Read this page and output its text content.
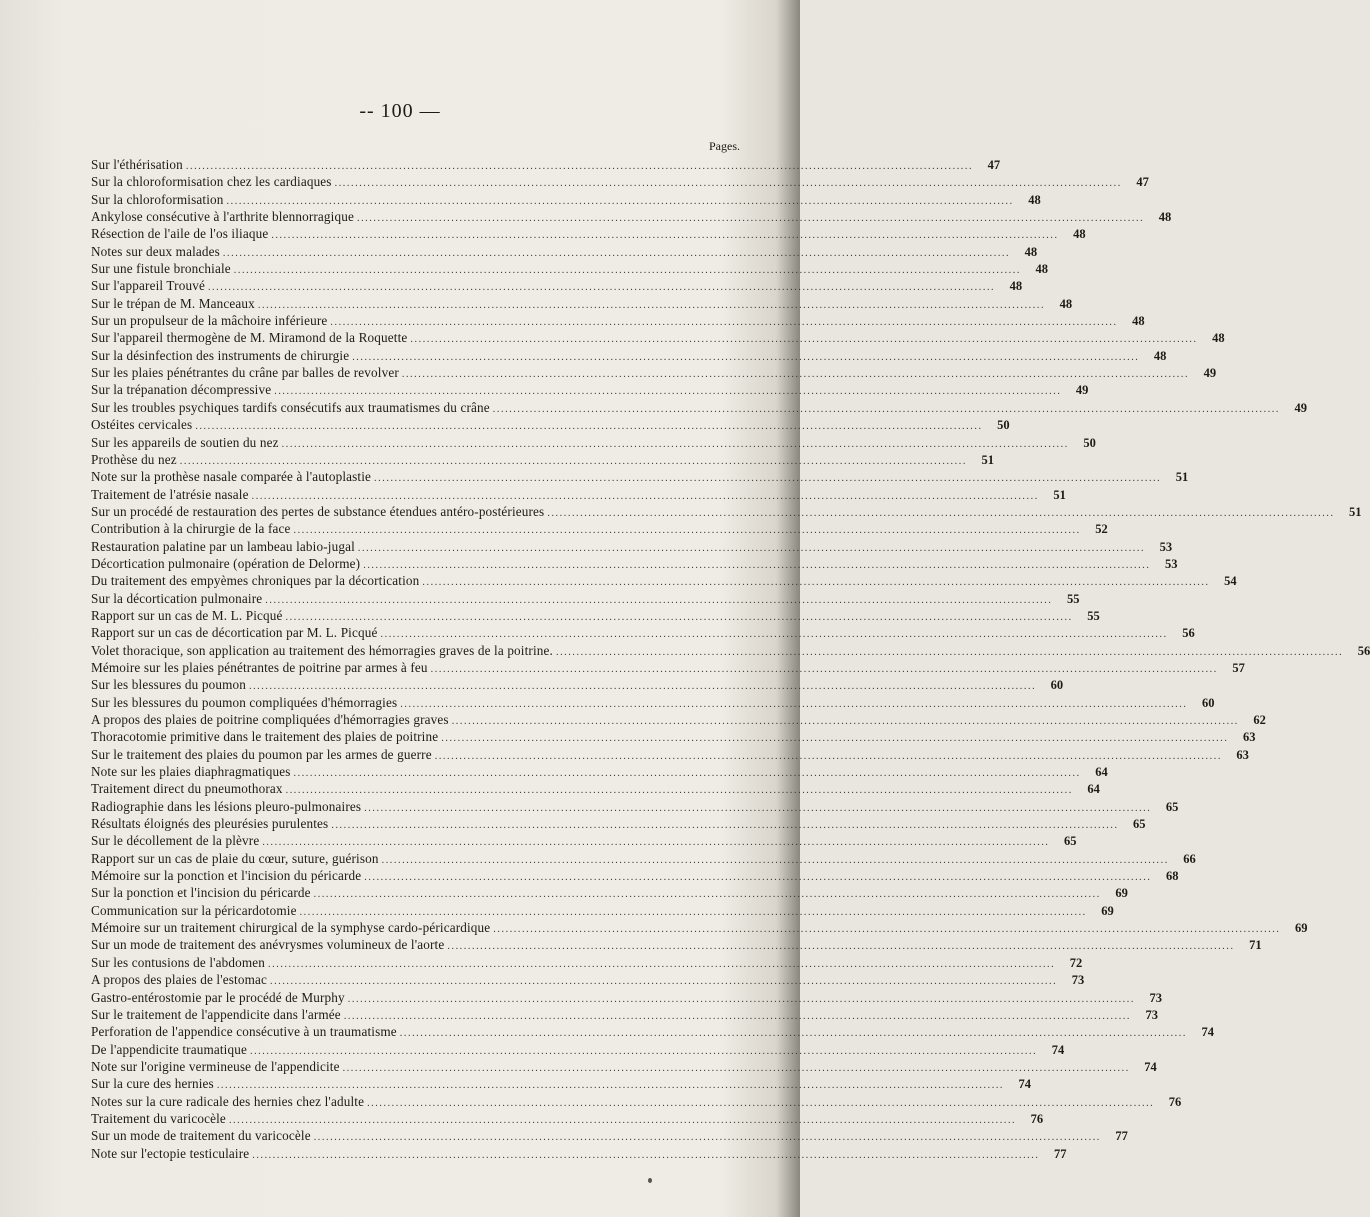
-- 100 —
Pages.
Sur l'éthérisation .....	47
Sur la chloroformisation chez les cardiaques .....	47
Sur la chloroformisation .....	48
Ankylose consécutive à l'arthrite blennorragique .....	48
Résection de l'aile de l'os iliaque .....	48
Notes sur deux malades .....	48
Sur une fistule bronchiale .....	48
Sur l'appareil Trouvé .....	48
Sur le trépan de M. Manceaux .....	48
Sur un propulseur de la mâchoire inférieure .....	48
Sur l'appareil thermogène de M. Miramond de la Roquette .....	48
Sur la désinfection des instruments de chirurgie .....	48
Sur les plaies pénétrantes du crâne par balles de revolver .....	49
Sur la trépanation décompressive .....	49
Sur les troubles psychiques tardifs consécutifs aux traumatismes du crâne .....	49
Ostéites cervicales .....	50
Sur les appareils de soutien du nez .....	50
Prothèse du nez .....	51
Note sur la prothèse nasale comparée à l'autoplastie .....	51
Traitement de l'atrésie nasale .....	51
Sur un procédé de restauration des pertes de substance étendues antéro-postérieures .....	51
Contribution à la chirurgie de la face .....	52
Restauration palatine par un lambeau labio-jugal .....	53
Décortication pulmonaire (opération de Delorme) .....	53
Du traitement des empyèmes chroniques par la décortication .....	54
Sur la décortication pulmonaire .....	55
Rapport sur un cas de M. L. Picqué .....	55
Rapport sur un cas de décortication par M. L. Picqué .....	56
Volet thoracique, son application au traitement des hémorragies graves de la poitrine. .....	56
Mémoire sur les plaies pénétrantes de poitrine par armes à feu .....	57
Sur les blessures du poumon .....	60
Sur les blessures du poumon compliquées d'hémorragies .....	60
A propos des plaies de poitrine compliquées d'hémorragies graves .....	62
Thoracotomie primitive dans le traitement des plaies de poitrine .....	63
Sur le traitement des plaies du poumon par les armes de guerre .....	63
Note sur les plaies diaphragmatiques .....	64
Traitement direct du pneumothorax .....	64
Radiographie dans les lésions pleuro-pulmonaires .....	65
Résultats éloignés des pleurésies purulentes .....	65
Sur le décollement de la plèvre .....	65
Rapport sur un cas de plaie du cœur, suture, guérison .....	66
Mémoire sur la ponction et l'incision du péricarde .....	68
Sur la ponction et l'incision du péricarde .....	69
Communication sur la péricardotomie .....	69
Mémoire sur un traitement chirurgical de la symphyse cardo-péricardique .....	69
Sur un mode de traitement des anévrysmes volumineux de l'aorte .....	71
Sur les contusions de l'abdomen .....	72
A propos des plaies de l'estomac .....	73
Gastro-entérostomie par le procédé de Murphy .....	73
Sur le traitement de l'appendicite dans l'armée .....	73
Perforation de l'appendice consécutive à un traumatisme .....	74
De l'appendicite traumatique .....	74
Note sur l'origine vermineuse de l'appendicite .....	74
Sur la cure des hernies .....	74
Notes sur la cure radicale des hernies chez l'adulte .....	76
Traitement du varicocèle .....	76
Sur un mode de traitement du varicocèle .....	77
Note sur l'ectopie testiculaire .....	77
